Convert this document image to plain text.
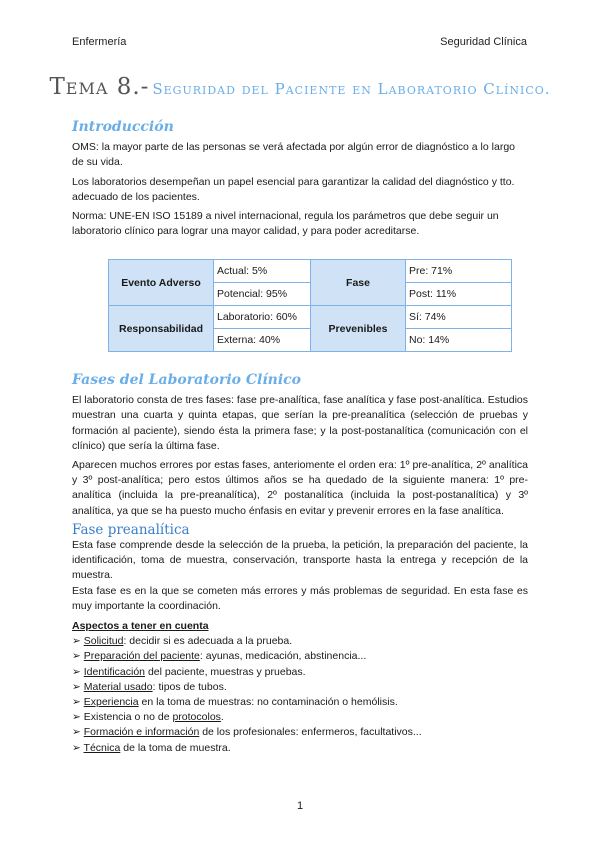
Enfermería	Seguridad Clínica
Tema 8.- Seguridad del Paciente en Laboratorio Clínico.
Introducción

OMS: la mayor parte de las personas se verá afectada por algún error de diagnóstico a lo largo de su vida.

Los laboratorios desempeñan un papel esencial para garantizar la calidad del diagnóstico y tto. adecuado de los pacientes.

Norma: UNE-EN ISO 15189 a nivel internacional, regula los parámetros que debe seguir un laboratorio clínico para lograr una mayor calidad, y para poder acreditarse.

Evento Adverso	Actual: 5%	Fase	Pre: 71%
	Potencial: 95%		Post: 11%
Responsabilidad	Laboratorio: 60%	Prevenibles	Sí: 74%
	Externa: 40%		No: 14%
Fases del Laboratorio Clínico

El laboratorio consta de tres fases: fase pre-analítica, fase analítica y fase post-analítica. Estudios muestran una cuarta y quinta etapas, que serían la pre-preanalítica (selección de pruebas y formación al paciente), siendo ésta la primera fase; y la post-postanalítica (comunicación con el clínico) que sería la última fase.

Aparecen muchos errores por estas fases, anteriomente el orden era: 1º pre-analítica, 2º analítica y 3º post-analítica; pero estos últimos años se ha quedado de la siguiente manera: 1º pre-analítica (incluida la pre-preanalítica), 2º postanalítica (incluida la post-postanalítica) y 3º analítica, ya que se ha puesto mucho énfasis en evitar y prevenir errores en la fase analítica.

Fase preanalítica

Esta fase comprende desde la selección de la prueba, la petición, la preparación del paciente, la identificación, toma de muestra, conservación, transporte hasta la entrega y recepción de la muestra.

Esta fase es en la que se cometen más errores y más problemas de seguridad. En esta fase es muy importante la coordinación.

Aspectos a tener en cuenta

➢ Solicitud: decidir si es adecuada a la prueba.
➢ Preparación del paciente: ayunas, medicación, abstinencia...
➢ Identificación del paciente, muestras y pruebas.
➢ Material usado: tipos de tubos.
➢ Experiencia en la toma de muestras: no contaminación o hemólisis.
➢ Existencia o no de protocolos.
➢ Formación e información de los profesionales: enfermeros, facultativos...
➢ Técnica de la toma de muestra.
1
